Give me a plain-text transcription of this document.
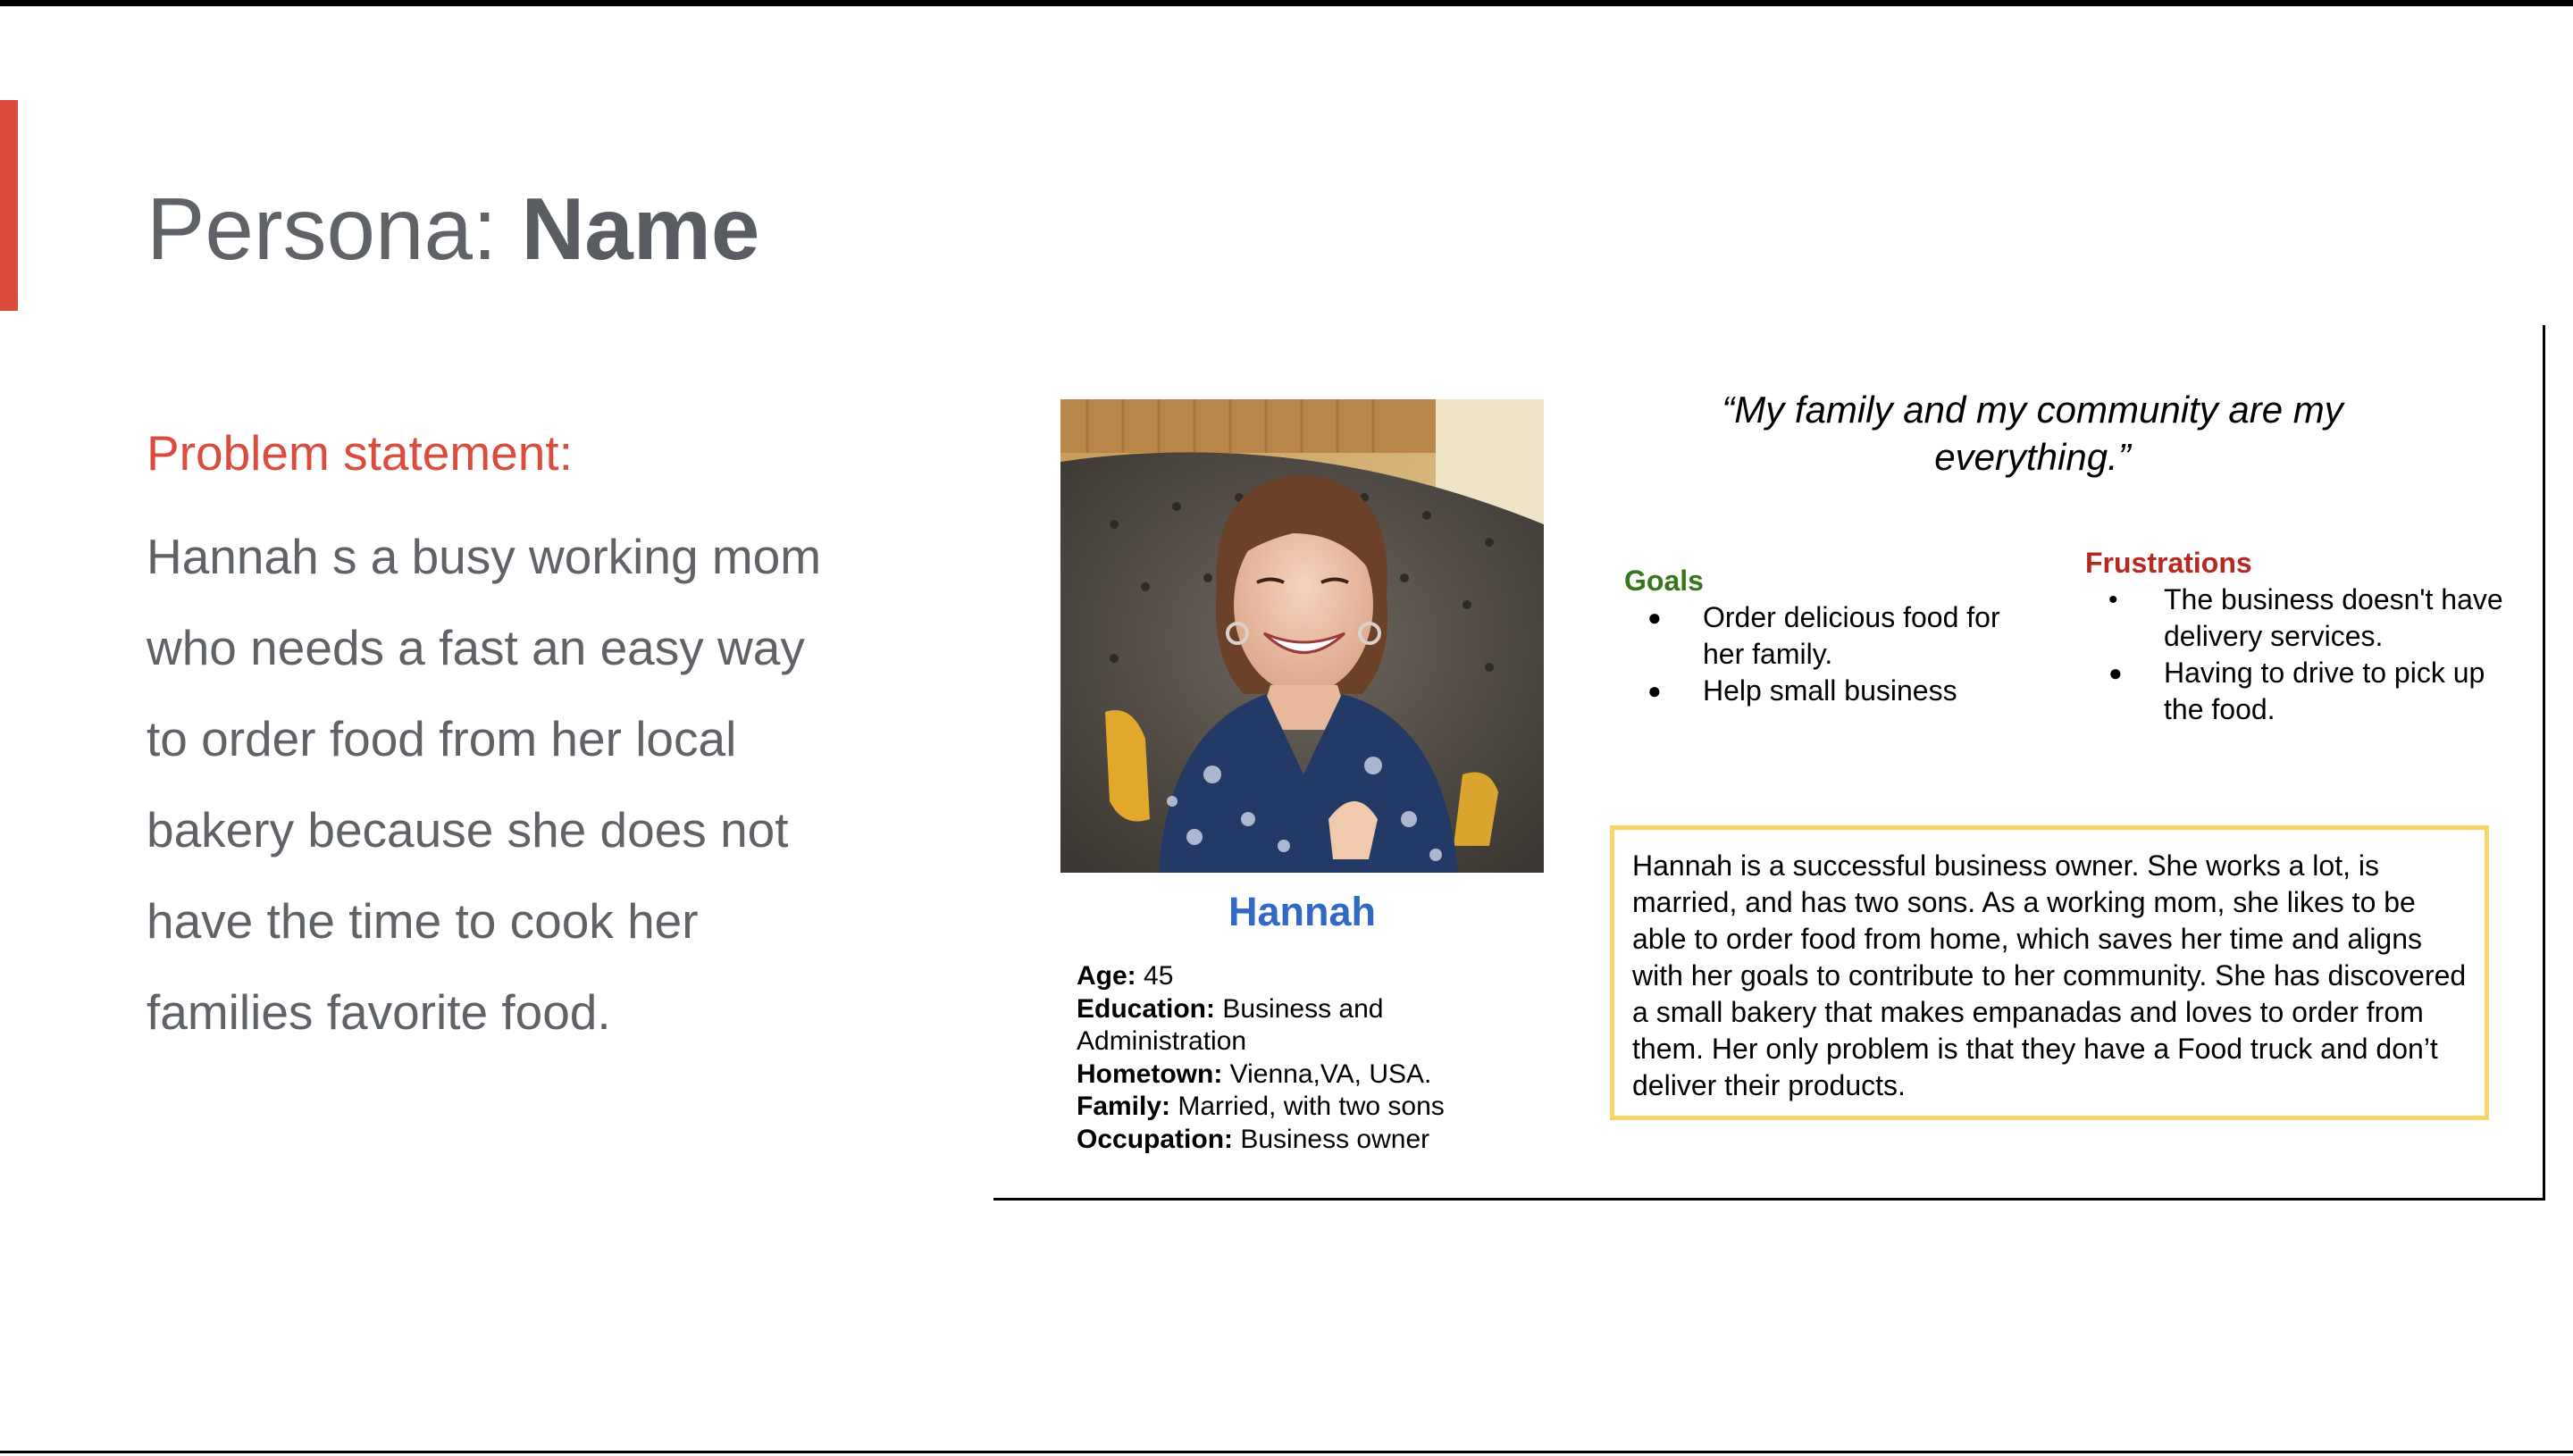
Persona: Name
Problem statement:
Hannah s a busy working mom who needs a fast an easy way to order food from her local bakery because she does not have the time to cook her families favorite food.
Hannah
Age: 45
Education: Business and Administration
Hometown: Vienna,VA, USA.
Family: Married, with two sons
Occupation: Business owner
“My family and my community are my everything.”
Goals
● Order delicious food for her family.
● Help small business
Frustrations
• The business doesn't have delivery services.
● Having to drive to pick up the food.
Hannah is a successful business owner. She works a lot, is married, and has two sons. As a working mom, she likes to be able to order food from home, which saves her time and aligns with her goals to contribute to her community. She has discovered a small bakery that makes empanadas and loves to order from them. Her only problem is that they have a Food truck and don’t deliver their products.
